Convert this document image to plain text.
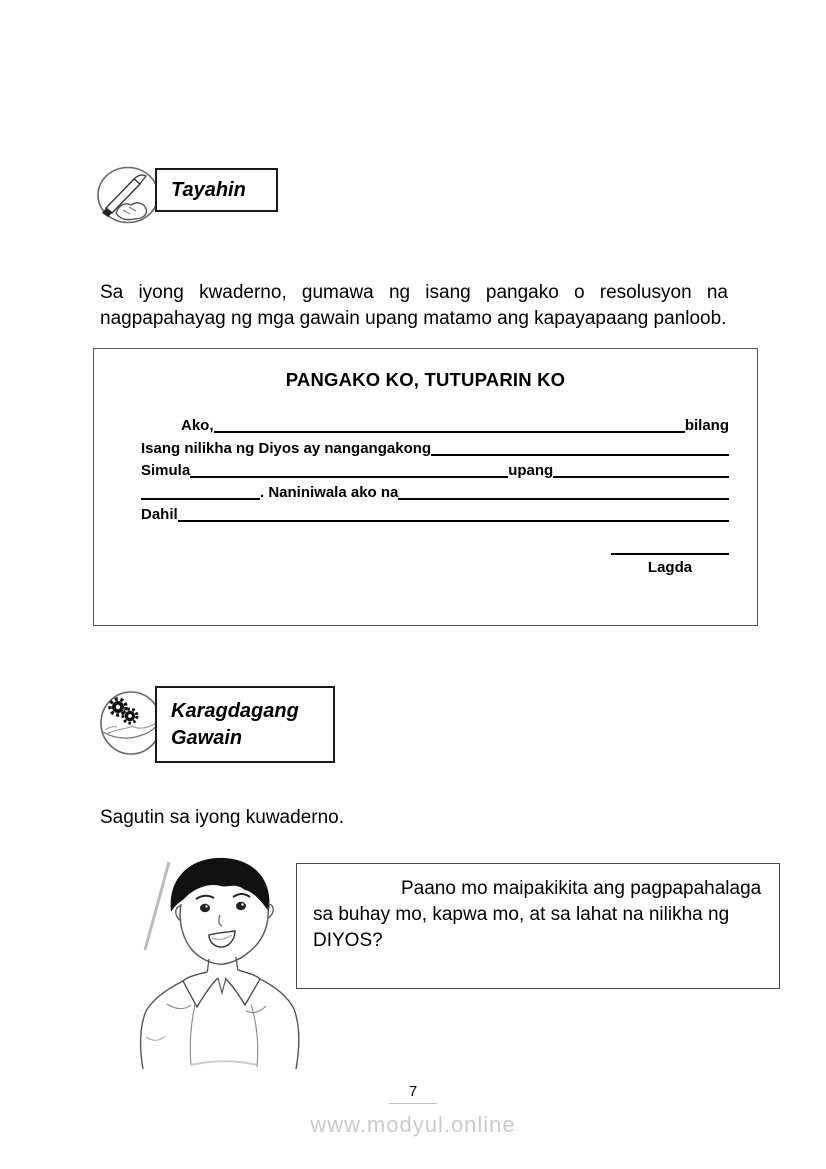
Tayahin

Sa iyong kwaderno, gumawa ng isang pangako o resolusyon na nagpapahayag ng mga gawain upang matamo ang kapayapaang panloob.

PANGAKO KO, TUTUPARIN KO
Ako,	bilang
Isang nilikha ng Diyos ay nangangakong
Simula	upang
. Naniniwala ako na
Dahil
Lagda
Karagdagang
Gawain
Sagutin sa iyong kuwaderno.

Paano mo maipakikita ang pagpapahalaga sa buhay mo, kapwa mo, at sa lahat na nilikha ng DIYOS?

7
www.modyul.online
